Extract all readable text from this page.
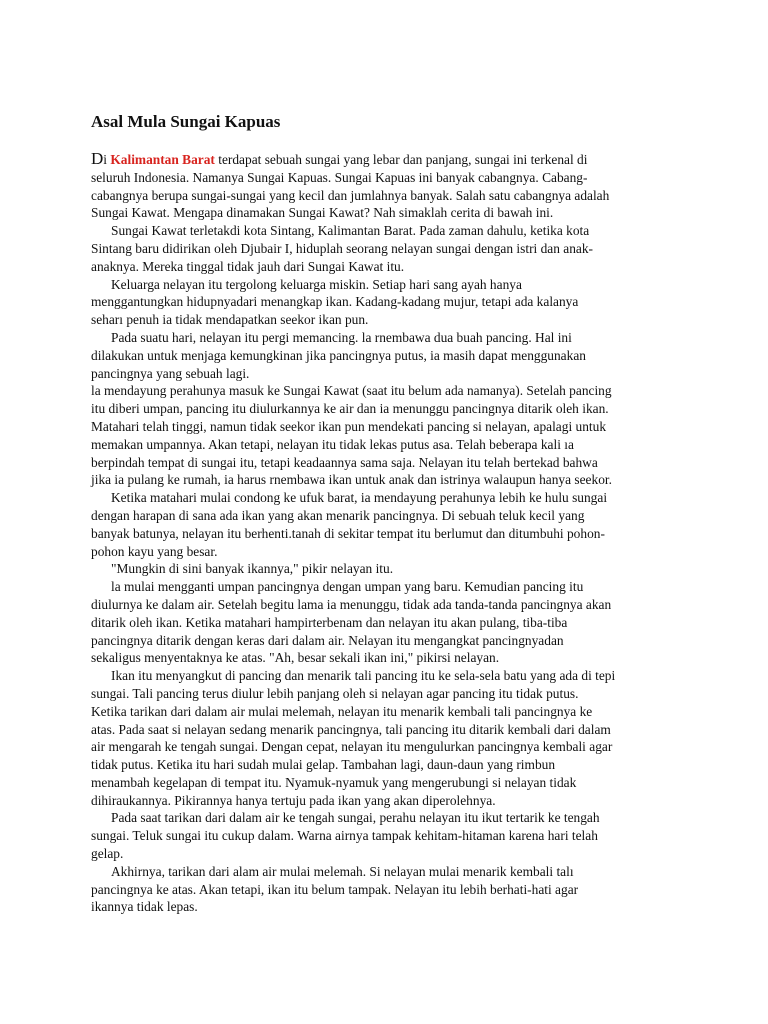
Asal Mula Sungai Kapuas
Di Kalimantan Barat terdapat sebuah sungai yang lebar dan panjang, sungai ini terkenal di
seluruh Indonesia. Namanya Sungai Kapuas. Sungai Kapuas ini banyak cabangnya. Cabang-
cabangnya berupa sungai-sungai yang kecil dan jumlahnya banyak. Salah satu cabangnya adalah
Sungai Kawat. Mengapa dinamakan Sungai Kawat? Nah simaklah cerita di bawah ini.
Sungai Kawat terletakdi kota Sintang, Kalimantan Barat. Pada zaman dahulu, ketika kota
Sintang baru didirikan oleh Djubair I, hiduplah seorang nelayan sungai dengan istri dan anak-
anaknya. Mereka tinggal tidak jauh dari Sungai Kawat itu.
Keluarga nelayan itu tergolong keluarga miskin. Setiap hari sang ayah hanya
menggantungkan hidupnyadari menangkap ikan. Kadang-kadang mujur, tetapi ada kalanya
seharı penuh ia tidak mendapatkan seekor ikan pun.
Pada suatu hari, nelayan itu pergi memancing. la rnembawa dua buah pancing. Hal ini
dilakukan untuk menjaga kemungkinan jika pancingnya putus, ia masih dapat menggunakan
pancingnya yang sebuah lagi.
la mendayung perahunya masuk ke Sungai Kawat (saat itu belum ada namanya). Setelah pancing
itu diberi umpan, pancing itu diulurkannya ke air dan ia menunggu pancingnya ditarik oleh ikan.
Matahari telah tinggi, namun tidak seekor ikan pun mendekati pancing si nelayan, apalagi untuk
memakan umpannya. Akan tetapi, nelayan itu tidak lekas putus asa. Telah beberapa kali ıa
berpindah tempat di sungai itu, tetapi keadaannya sama saja. Nelayan itu telah bertekad bahwa
jika ia pulang ke rumah, ia harus rnembawa ikan untuk anak dan istrinya walaupun hanya seekor.
Ketika matahari mulai condong ke ufuk barat, ia mendayung perahunya lebih ke hulu sungai
dengan harapan di sana ada ikan yang akan menarik pancingnya. Di sebuah teluk kecil yang
banyak batunya, nelayan itu berhenti.tanah di sekitar tempat itu berlumut dan ditumbuhi pohon-
pohon kayu yang besar.
"Mungkin di sini banyak ikannya," pikir nelayan itu.
la mulai mengganti umpan pancingnya dengan umpan yang baru. Kemudian pancing itu
diulurnya ke dalam air. Setelah begitu lama ia menunggu, tidak ada tanda-tanda pancingnya akan
ditarik oleh ikan. Ketika matahari hampirterbenam dan nelayan itu akan pulang, tiba-tiba
pancingnya ditarik dengan keras dari dalam air. Nelayan itu mengangkat pancingnyadan
sekaligus menyentaknya ke atas. "Ah, besar sekali ikan ini," pikirsi nelayan.
Ikan itu menyangkut di pancing dan menarik tali pancing itu ke sela-sela batu yang ada di tepi
sungai. Tali pancing terus diulur lebih panjang oleh si nelayan agar pancing itu tidak putus.
Ketika tarikan dari dalam air mulai melemah, nelayan itu menarik kembali tali pancingnya ke
atas. Pada saat si nelayan sedang menarik pancingnya, tali pancing itu ditarik kembali dari dalam
air mengarah ke tengah sungai. Dengan cepat, nelayan itu mengulurkan pancingnya kembali agar
tidak putus. Ketika itu hari sudah mulai gelap. Tambahan lagi, daun-daun yang rimbun
menambah kegelapan di tempat itu. Nyamuk-nyamuk yang mengerubungi si nelayan tidak
dihiraukannya. Pikirannya hanya tertuju pada ikan yang akan diperolehnya.
Pada saat tarikan dari dalam air ke tengah sungai, perahu nelayan itu ikut tertarik ke tengah
sungai. Teluk sungai itu cukup dalam. Warna airnya tampak kehitam-hitaman karena hari telah
gelap.
Akhirnya, tarikan dari alam air mulai melemah. Si nelayan mulai menarik kembali talı
pancingnya ke atas. Akan tetapi, ikan itu belum tampak. Nelayan itu lebih berhati-hati agar
ikannya tidak lepas.
